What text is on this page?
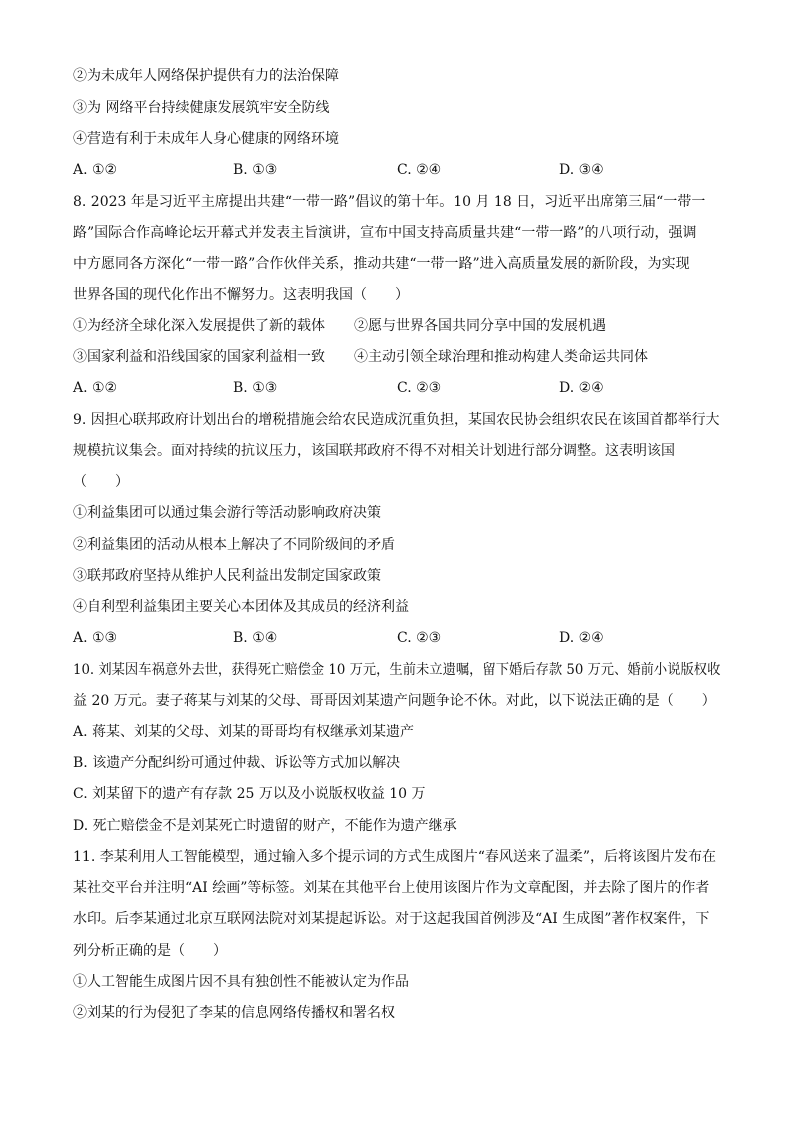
②为未成年人网络保护提供有力的法治保障
③为 网络平台持续健康发展筑牢安全防线
④营造有利于未成年人身心健康的网络环境
A. ①②	B. ①③	C. ②④	D. ③④
8. 2023 年是习近平主席提出共建“一带一路”倡议的第十年。10 月 18 日，习近平出席第三届“一带一
路”国际合作高峰论坛开幕式并发表主旨演讲，宣布中国支持高质量共建“一带一路”的八项行动，强调
中方愿同各方深化“一带一路”合作伙伴关系，推动共建“一带一路”进入高质量发展的新阶段，为实现
世界各国的现代化作出不懈努力。这表明我国（　　）
①为经济全球化深入发展提供了新的载体 ②愿与世界各国共同分享中国的发展机遇
③国家利益和沿线国家的国家利益相一致 ④主动引领全球治理和推动构建人类命运共同体
A. ①②	B. ①③	C. ②③	D. ②④
9. 因担心联邦政府计划出台的增税措施会给农民造成沉重负担，某国农民协会组织农民在该国首都举行大
规模抗议集会。面对持续的抗议压力，该国联邦政府不得不对相关计划进行部分调整。这表明该国
（　　）
①利益集团可以通过集会游行等活动影响政府决策
②利益集团的活动从根本上解决了不同阶级间的矛盾
③联邦政府坚持从维护人民利益出发制定国家政策
④自利型利益集团主要关心本团体及其成员的经济利益
A. ①③	B. ①④	C. ②③	D. ②④
10. 刘某因车祸意外去世，获得死亡赔偿金 10 万元，生前未立遗嘱，留下婚后存款 50 万元、婚前小说版权收
益 20 万元。妻子蒋某与刘某的父母、哥哥因刘某遗产问题争论不休。对此，以下说法正确的是（　　）
A. 蒋某、刘某的父母、刘某的哥哥均有权继承刘某遗产
B. 该遗产分配纠纷可通过仲裁、诉讼等方式加以解决
C. 刘某留下的遗产有存款 25 万以及小说版权收益 10 万
D. 死亡赔偿金不是刘某死亡时遗留的财产，不能作为遗产继承
11. 李某利用人工智能模型，通过输入多个提示词的方式生成图片“春风送来了温柔”，后将该图片发布在
某社交平台并注明“AI 绘画”等标签。刘某在其他平台上使用该图片作为文章配图，并去除了图片的作者
水印。后李某通过北京互联网法院对刘某提起诉讼。对于这起我国首例涉及“AI 生成图”著作权案件，下
列分析正确的是（　　）
①人工智能生成图片因不具有独创性不能被认定为作品
②刘某的行为侵犯了李某的信息网络传播权和署名权
